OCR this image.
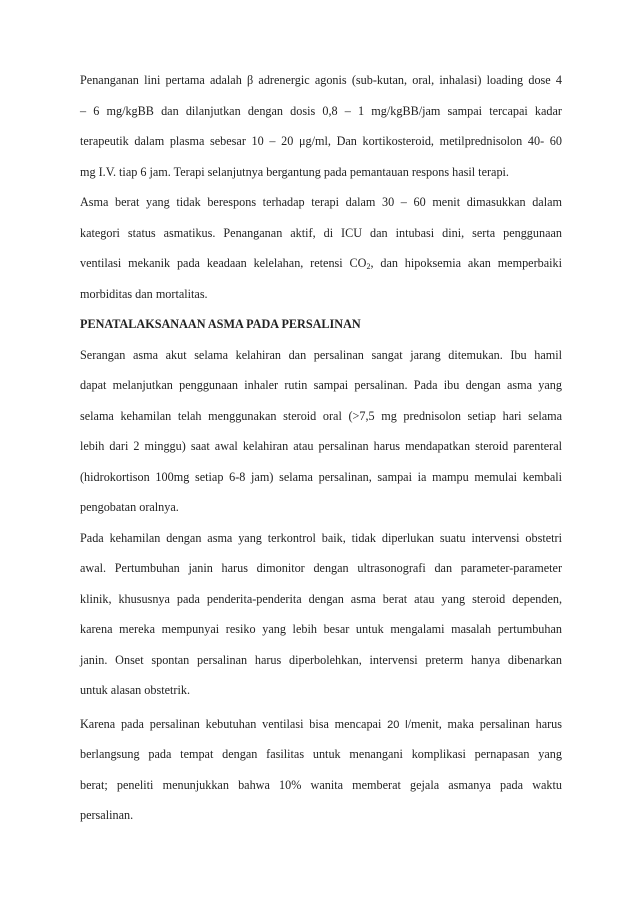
Penanganan lini pertama adalah β adrenergic agonis (sub-kutan, oral, inhalasi) loading dose 4
– 6 mg/kgBB dan dilanjutkan dengan dosis 0,8 – 1 mg/kgBB/jam sampai tercapai kadar
terapeutik dalam plasma sebesar 10 – 20 μg/ml, Dan kortikosteroid, metilprednisolon 40- 60
mg I.V. tiap 6 jam. Terapi selanjutnya bergantung pada pemantauan respons hasil terapi.
Asma berat yang tidak berespons terhadap terapi dalam 30 – 60 menit dimasukkan dalam
kategori status asmatikus. Penanganan aktif, di ICU dan intubasi dini, serta penggunaan
ventilasi mekanik pada keadaan kelelahan, retensi $CO_2$, dan hipoksemia akan memperbaiki
morbiditas dan mortalitas.
PENATALAKSANAAN ASMA PADA PERSALINAN
Serangan asma akut selama kelahiran dan persalinan sangat jarang ditemukan. Ibu hamil
dapat melanjutkan penggunaan inhaler rutin sampai persalinan. Pada ibu dengan asma yang
selama kehamilan telah menggunakan steroid oral (>7,5 mg prednisolon setiap hari selama
lebih dari 2 minggu) saat awal kelahiran atau persalinan harus mendapatkan steroid parenteral
(hidrokortison 100mg setiap 6-8 jam) selama persalinan, sampai ia mampu memulai kembali
pengobatan oralnya.
Pada kehamilan dengan asma yang terkontrol baik, tidak diperlukan suatu intervensi obstetri
awal. Pertumbuhan janin harus dimonitor dengan ultrasonografi dan parameter-parameter
klinik, khususnya pada penderita-penderita dengan asma berat atau yang steroid dependen,
karena mereka mempunyai resiko yang lebih besar untuk mengalami masalah pertumbuhan
janin. Onset spontan persalinan harus diperbolehkan, intervensi preterm hanya dibenarkan
untuk alasan obstetrik.
Karena pada persalinan kebutuhan ventilasi bisa mencapai 20 l/menit, maka persalinan harus
berlangsung pada tempat dengan fasilitas untuk menangani komplikasi pernapasan yang
berat; peneliti menunjukkan bahwa 10% wanita memberat gejala asmanya pada waktu
persalinan.
